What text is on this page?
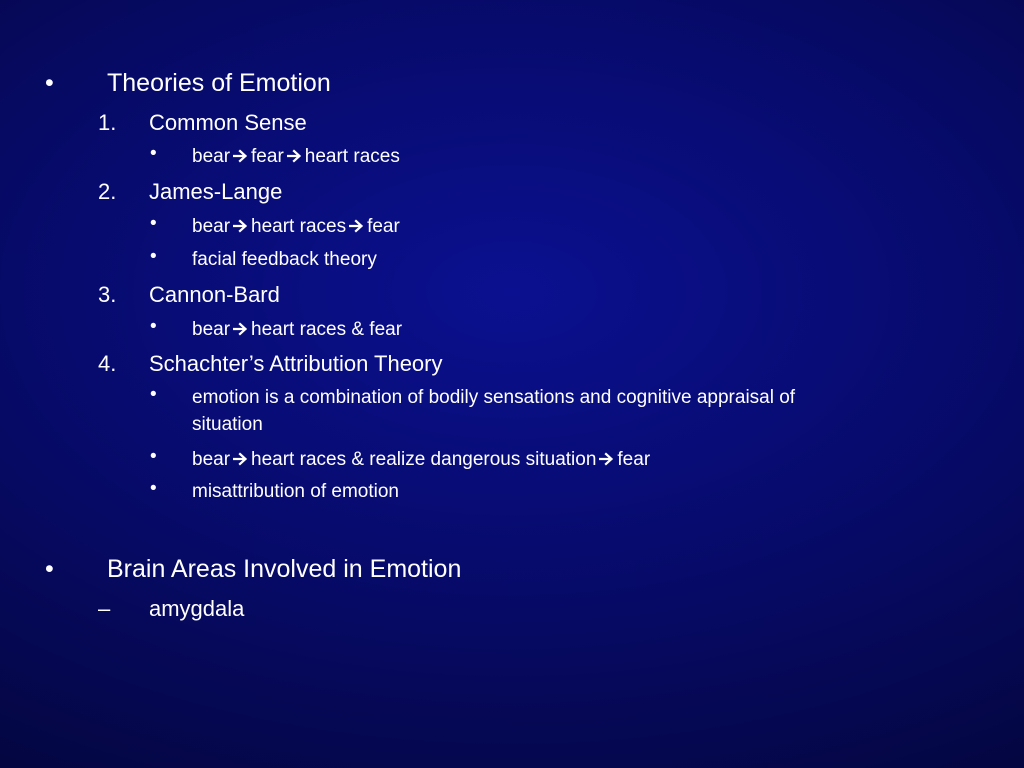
• Theories of Emotion
1. Common Sense
• bear fear heart races
2. James-Lange
• bear heart races fear
• facial feedback theory
3. Cannon-Bard
• bear heart races & fear
4. Schachter’s Attribution Theory
• emotion is a combination of bodily sensations and cognitive appraisal of
situation
• bear heart races & realize dangerous situation fear
• misattribution of emotion
• Brain Areas Involved in Emotion
– amygdala
